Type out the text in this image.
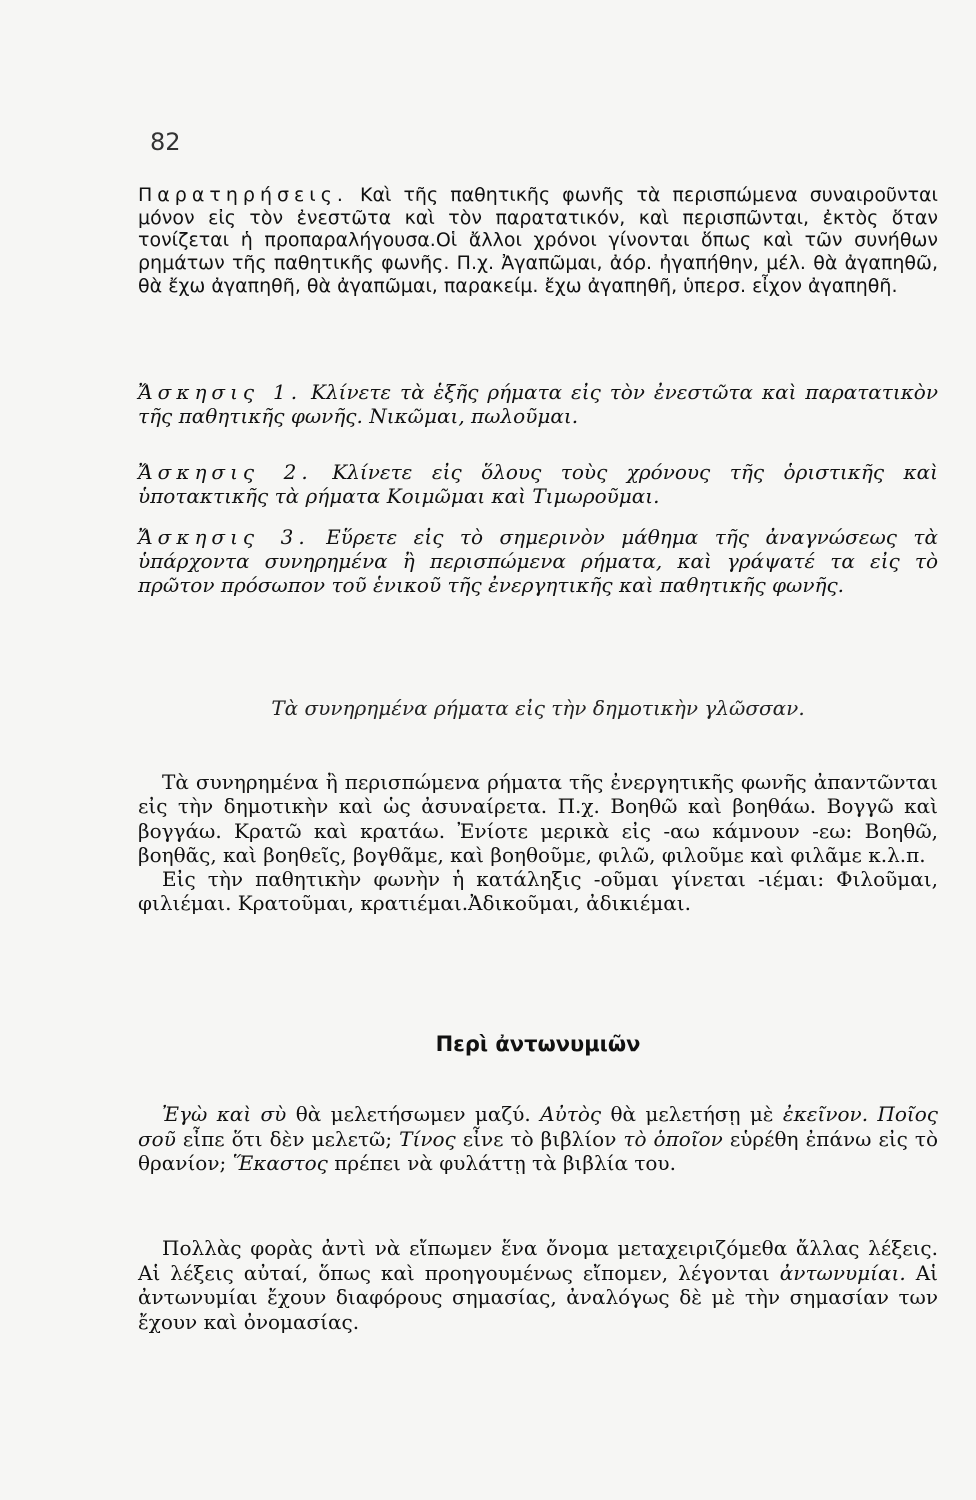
82

Παρατηρήσεις. Καὶ τῆς παθητικῆς φωνῆς τὰ περισπώμενα συναιροῦνται μόνον εἰς τὸν ἐνεστῶτα καὶ τὸν παρατατικόν, καὶ περισπῶνται, ἐκτὸς ὅταν τονίζεται ἡ προπαραλήγουσα.Οἱ ἄλλοι χρόνοι γίνονται ὅπως καὶ τῶν συνήθων ρημάτων τῆς παθητικῆς φωνῆς. Π.χ. Ἀγαπῶμαι, ἀόρ. ἠγαπήθην, μέλ. θὰ ἀγαπηθῶ, θὰ ἔχω ἀγαπηθῆ, θὰ ἀγαπῶμαι, παρακείμ. ἔχω ἀγαπηθῆ, ὑπερσ. εἶχον ἀγαπηθῆ.

Ἄσκησις 1. Κλίνετε τὰ ἑξῆς ρήματα εἰς τὸν ἐνεστῶτα καὶ παρατατικὸν τῆς παθητικῆς φωνῆς. Νικῶμαι, πωλοῦμαι.

Ἄσκησις 2. Κλίνετε εἰς ὅλους τοὺς χρόνους τῆς ὁριστικῆς καὶ ὑποτακτικῆς τὰ ρήματα Κοιμῶμαι καὶ Τιμωροῦμαι.

Ἄσκησις 3. Εὕρετε εἰς τὸ σημερινὸν μάθημα τῆς ἀναγνώσεως τὰ ὑπάρχοντα συνηρημένα ἢ περισπώμενα ρήματα, καὶ γράψατέ τα εἰς τὸ πρῶτον πρόσωπον τοῦ ἑνικοῦ τῆς ἐνεργητικῆς καὶ παθητικῆς φωνῆς.

Τὰ συνηρημένα ρήματα εἰς τὴν δημοτικὴν γλῶσσαν.
Τὰ συνηρημένα ἢ περισπώμενα ρήματα τῆς ἐνεργητικῆς φωνῆς ἀπαντῶνται εἰς τὴν δημοτικὴν καὶ ὡς ἀσυναίρετα. Π.χ. Βοηθῶ καὶ βοηθάω. Βογγῶ καὶ βογγάω. Κρατῶ καὶ κρατάω. Ἐνίοτε μερικὰ εἰς -αω κάμνουν -εω: Βοηθῶ, βοηθᾶς, καὶ βοηθεῖς, βογθᾶμε, καὶ βοηθοῦμε, φιλῶ, φιλοῦμε καὶ φιλᾶμε κ.λ.π.
Εἰς τὴν παθητικὴν φωνὴν ἡ κατάληξις -οῦμαι γίνεται -ιέμαι: Φιλοῦμαι, φιλιέμαι. Κρατοῦμαι, κρατιέμαι.Ἀδικοῦμαι, ἀδικιέμαι.
Περὶ ἀντωνυμιῶν

Ἐγὼ καὶ σὺ θὰ μελετήσωμεν μαζύ. Αὐτὸς θὰ μελετήσῃ μὲ ἐκεῖνον. Ποῖος σοῦ εἶπε ὅτι δὲν μελετῶ; Τίνος εἶνε τὸ βιβλίον τὸ ὁποῖον εὑρέθη ἐπάνω εἰς τὸ θρανίον; Ἕκαστος πρέπει νὰ φυλάττῃ τὰ βιβλία του.

Πολλὰς φορὰς ἀντὶ νὰ εἴπωμεν ἕνα ὄνομα μεταχειριζόμεθα ἄλλας λέξεις. Αἱ λέξεις αὐταί, ὅπως καὶ προηγουμένως εἴπομεν, λέγονται ἀντωνυμίαι. Αἱ ἀντωνυμίαι ἔχουν διαφόρους σημασίας, ἀναλόγως δὲ μὲ τὴν σημασίαν των ἔχουν καὶ ὀνομασίας.
